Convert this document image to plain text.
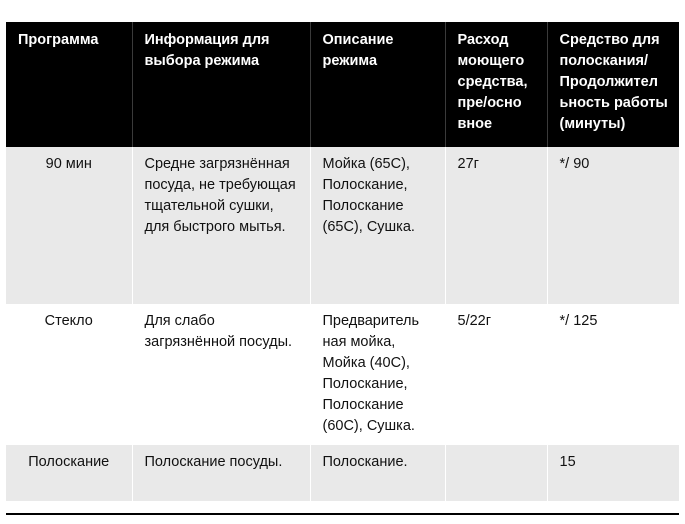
Программа	Информация для выбора режима	Описание режима	Расход моющего средства, пре/осно вное	Средство для полоскания/ Продолжител ьность работы (минуты)
90 мин	Средне загрязнённая посуда, не требующая тщательной сушки, для быстрого мытья.	Мойка (65С), Полоскание, Полоскание (65С), Сушка.	27г	*/ 90
Стекло	Для слабо загрязнённой посуды.	Предваритель ная мойка, Мойка (40С), Полоскание, Полоскание (60С), Сушка.	5/22г	*/ 125
Полоскание	Полоскание посуды.	Полоскание.		15
